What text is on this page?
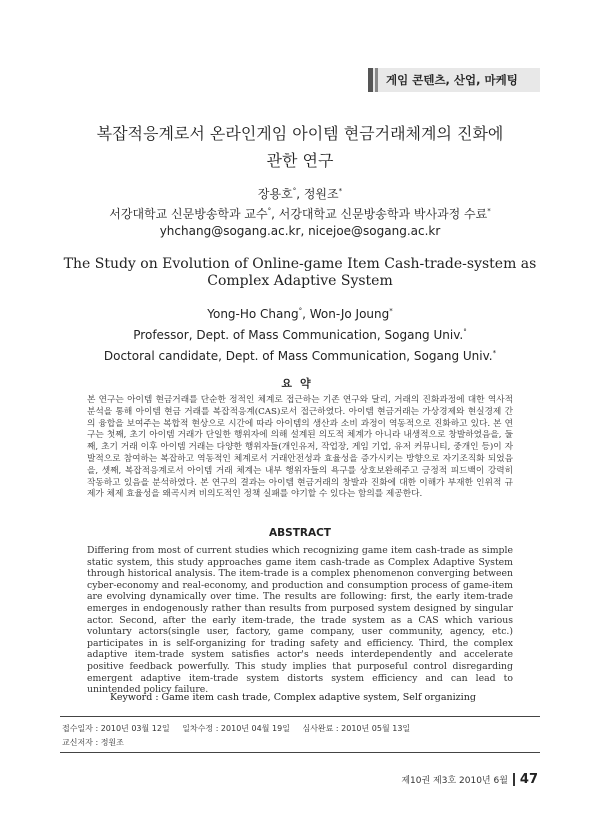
게임 콘텐츠, 산업, 마케팅
복잡적응계로서 온라인게임 아이템 현금거래체계의 진화에
관한 연구
장용호°, 정원조*
서강대학교 신문방송학과 교수°, 서강대학교 신문방송학과 박사과정 수료*
yhchang@sogang.ac.kr, nicejoe@sogang.ac.kr
The Study on Evolution of Online-game Item Cash-trade-system as
Complex Adaptive System
Yong-Ho Chang°, Won-Jo Joung*
Professor, Dept. of Mass Communication, Sogang Univ.°
Doctoral candidate, Dept. of Mass Communication, Sogang Univ.*
요약

본 연구는 아이템 현금거래를 단순한 정적인 체계로 접근하는 기존 연구와 달리, 거래의 진화과정에 대한 역사적 분석을 통해 아이템 현금 거래를 복잡적응계(CAS)로서 접근하였다. 아이템 현금거래는 가상경제와 현실경제 간의 융합을 보여주는 복합적 현상으로 시간에 따라 아이템의 생산과 소비 과정이 역동적으로 진화하고 있다. 본 연구는 첫째, 초기 아이템 거래가 단일한 행위자에 의해 설계된 의도적 체계가 아니라 내생적으로 창발하였음을, 둘째, 초기 거래 이후 아이템 거래는 다양한 행위자들(개인유저, 작업장, 게임 기업, 유저 커뮤니티, 중개인 등)이 자발적으로 참여하는 복잡하고 역동적인 체계로서 거래안전성과 효율성을 증가시키는 방향으로 자기조직화 되었음을, 셋째, 복잡적응계로서 아이템 거래 체계는 내부 행위자들의 욕구를 상호보완해주고 긍정적 피드백이 강력히 작동하고 있음을 분석하였다. 본 연구의 결과는 아이템 현금거래의 창발과 진화에 대한 이해가 부재한 인위적 규제가 체제 효율성을 왜곡시켜 비의도적인 정책 실패를 야기할 수 있다는 함의를 제공한다.

ABSTRACT

Differing from most of current studies which recognizing game item cash-trade as simple static system, this study approaches game item cash-trade as Complex Adaptive System through historical analysis. The item-trade is a complex phenomenon converging between cyber-economy and real-economy, and production and consumption process of game-item are evolving dynamically over time. The results are following: first, the early item-trade emerges in endogenously rather than results from purposed system designed by singular actor. Second, after the early item-trade, the trade system as a CAS which various voluntary actors(single user, factory, game company, user community, agency, etc.) participates in is self-organizing for trading safety and efficiency. Third, the complex adaptive item-trade system satisfies actor's needs interdependently and accelerate positive feedback powerfully. This study implies that purposeful control disregarding emergent adaptive item-trade system distorts system efficiency and can lead to unintended policy failure.

Keyword : Game item cash trade, Complex adaptive system, Self organizing
접수일자 : 2010년 03월 12일 일차수정 : 2010년 04월 19일 심사완료 : 2010년 05월 13일
교신저자 : 정원조
제10권 제3호 2010년 6월 47
